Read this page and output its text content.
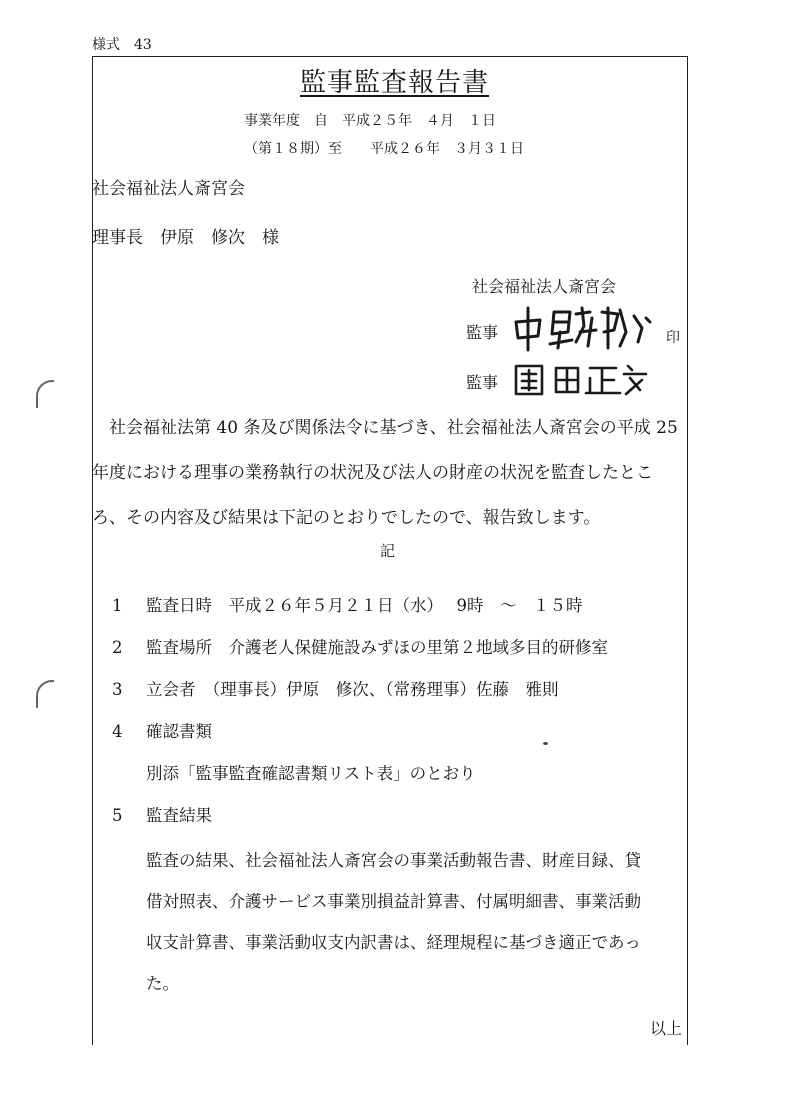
様式　43
監事監査報告書
事業年度　自　平成２５年　４月　１日
（第１８期）至　　平成２６年　３月３１日
社会福祉法人斎宮会
理事長　伊原　修次　様
社会福祉法人斎宮会
監事	印
監事
社会福祉法第 40 条及び関係法令に基づき、社会福祉法人斎宮会の平成 25
年度における理事の業務執行の状況及び法人の財産の状況を監査したとこ
ろ、その内容及び結果は下記のとおりでしたので、報告致します。
記
1 監査日時　平成２６年５月２１日（水）　 9時　～　１５時
2 監査場所　介護老人保健施設みずほの里第２地域多目的研修室
3 立会者　（理事長）伊原　修次、（常務理事）佐藤　雅則
4 確認書類
別添「監事監査確認書類リスト表」のとおり
5 監査結果
監査の結果、社会福祉法人斎宮会の事業活動報告書、財産目録、貸
借対照表、介護サービス事業別損益計算書、付属明細書、事業活動
収支計算書、事業活動収支内訳書は、経理規程に基づき適正であっ
た。
以上
